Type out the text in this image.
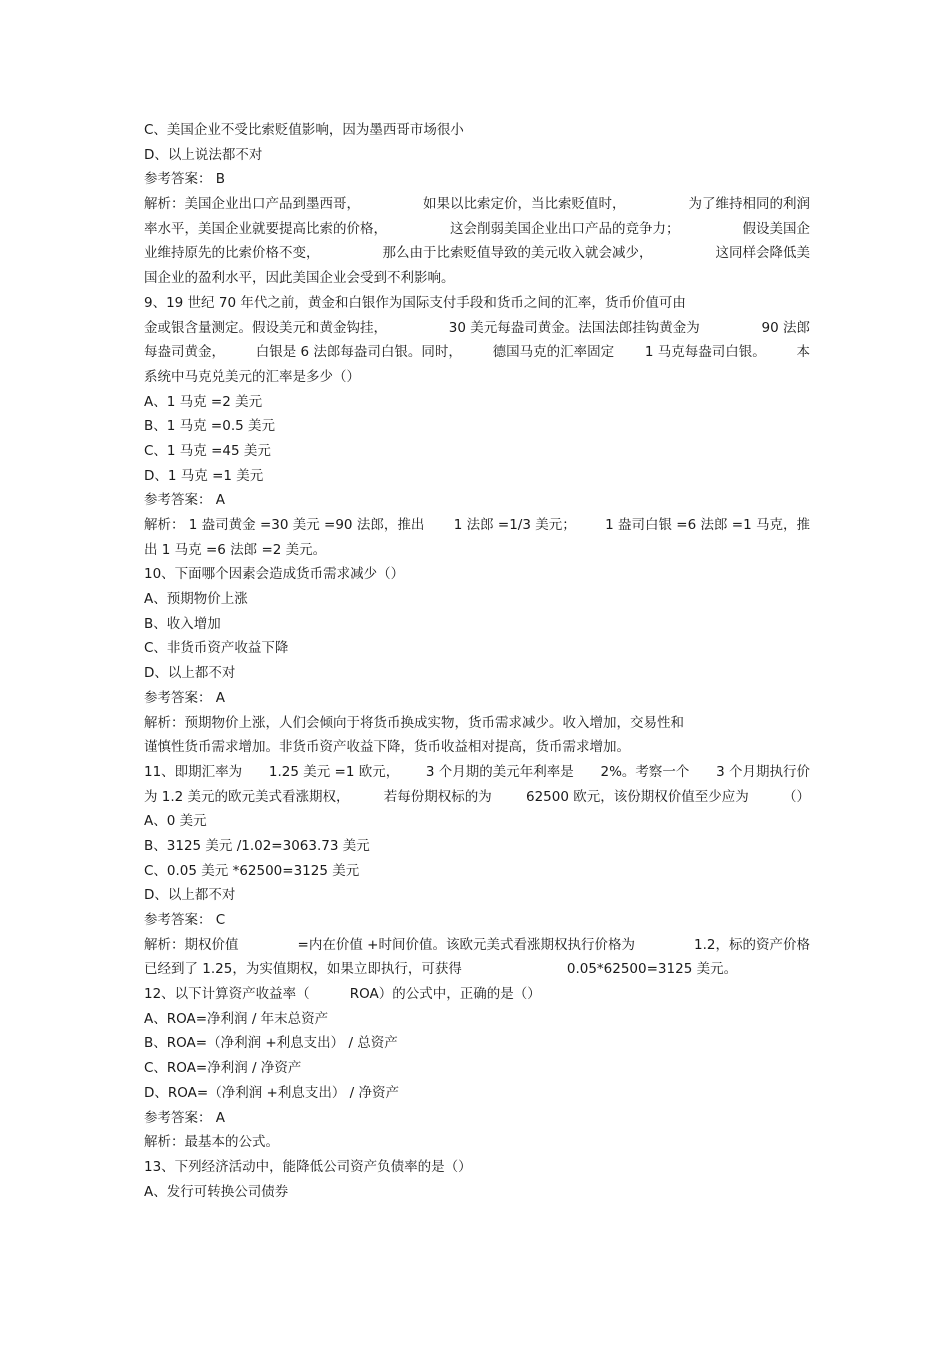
C、美国企业不受比索贬值影响，因为墨西哥市场很小
D、以上说法都不对
参考答案： B
解析：美国企业出口产品到墨西哥，	如果以比索定价，当比索贬值时，	为了维持相同的利润
率水平，美国企业就要提高比索的价格，	这会削弱美国企业出口产品的竞争力；	假设美国企
业维持原先的比索价格不变，	那么由于比索贬值导致的美元收入就会减少，	这同样会降低美
国企业的盈利水平，因此美国企业会受到不利影响。
9、19 世纪 70 年代之前，黄金和白银作为国际支付手段和货币之间的汇率，货币价值可由
金或银含量测定。假设美元和黄金钩挂，	30 美元每盎司黄金。法国法郎挂钩黄金为	90 法郎
每盎司黄金， 白银是 6 法郎每盎司白银。同时， 德国马克的汇率固定 1 马克每盎司白银。 本
系统中马克兑美元的汇率是多少（）
A、1 马克 =2 美元
B、1 马克 =0.5 美元
C、1 马克 =45 美元
D、1 马克 =1 美元
参考答案： A
解析： 1 盎司黄金 =30 美元 =90 法郎，推出 1 法郎 =1/3 美元； 1 盎司白银 =6 法郎 =1 马克，推
出 1 马克 =6 法郎 =2 美元。
10、下面哪个因素会造成货币需求减少（）
A、预期物价上涨
B、收入增加
C、非货币资产收益下降
D、以上都不对
参考答案： A
解析：预期物价上涨，人们会倾向于将货币换成实物，货币需求减少。收入增加，交易性和
谨慎性货币需求增加。非货币资产收益下降，货币收益相对提高，货币需求增加。
11、即期汇率为 1.25 美元 =1 欧元， 3 个月期的美元年利率是 2%。考察一个 3 个月期执行价
为 1.2 美元的欧元美式看涨期权，	若每份期权标的为	62500 欧元，该份期权价值至少应为	（）
A、0 美元
B、3125 美元 /1.02=3063.73 美元
C、0.05 美元 *62500=3125 美元
D、以上都不对
参考答案： C
解析：期权价值	=内在价值 +时间价值。该欧元美式看涨期权执行价格为	1.2，标的资产价格
已经到了 1.25，为实值期权，如果立即执行，可获得	0.05*62500=3125 美元。
12、以下计算资产收益率（	ROA）的公式中，正确的是（）
A、ROA=净利润 / 年末总资产
B、ROA=（净利润 +利息支出） / 总资产
C、ROA=净利润 / 净资产
D、ROA=（净利润 +利息支出） / 净资产
参考答案： A
解析：最基本的公式。
13、下列经济活动中，能降低公司资产负债率的是（）
A、发行可转换公司债券
